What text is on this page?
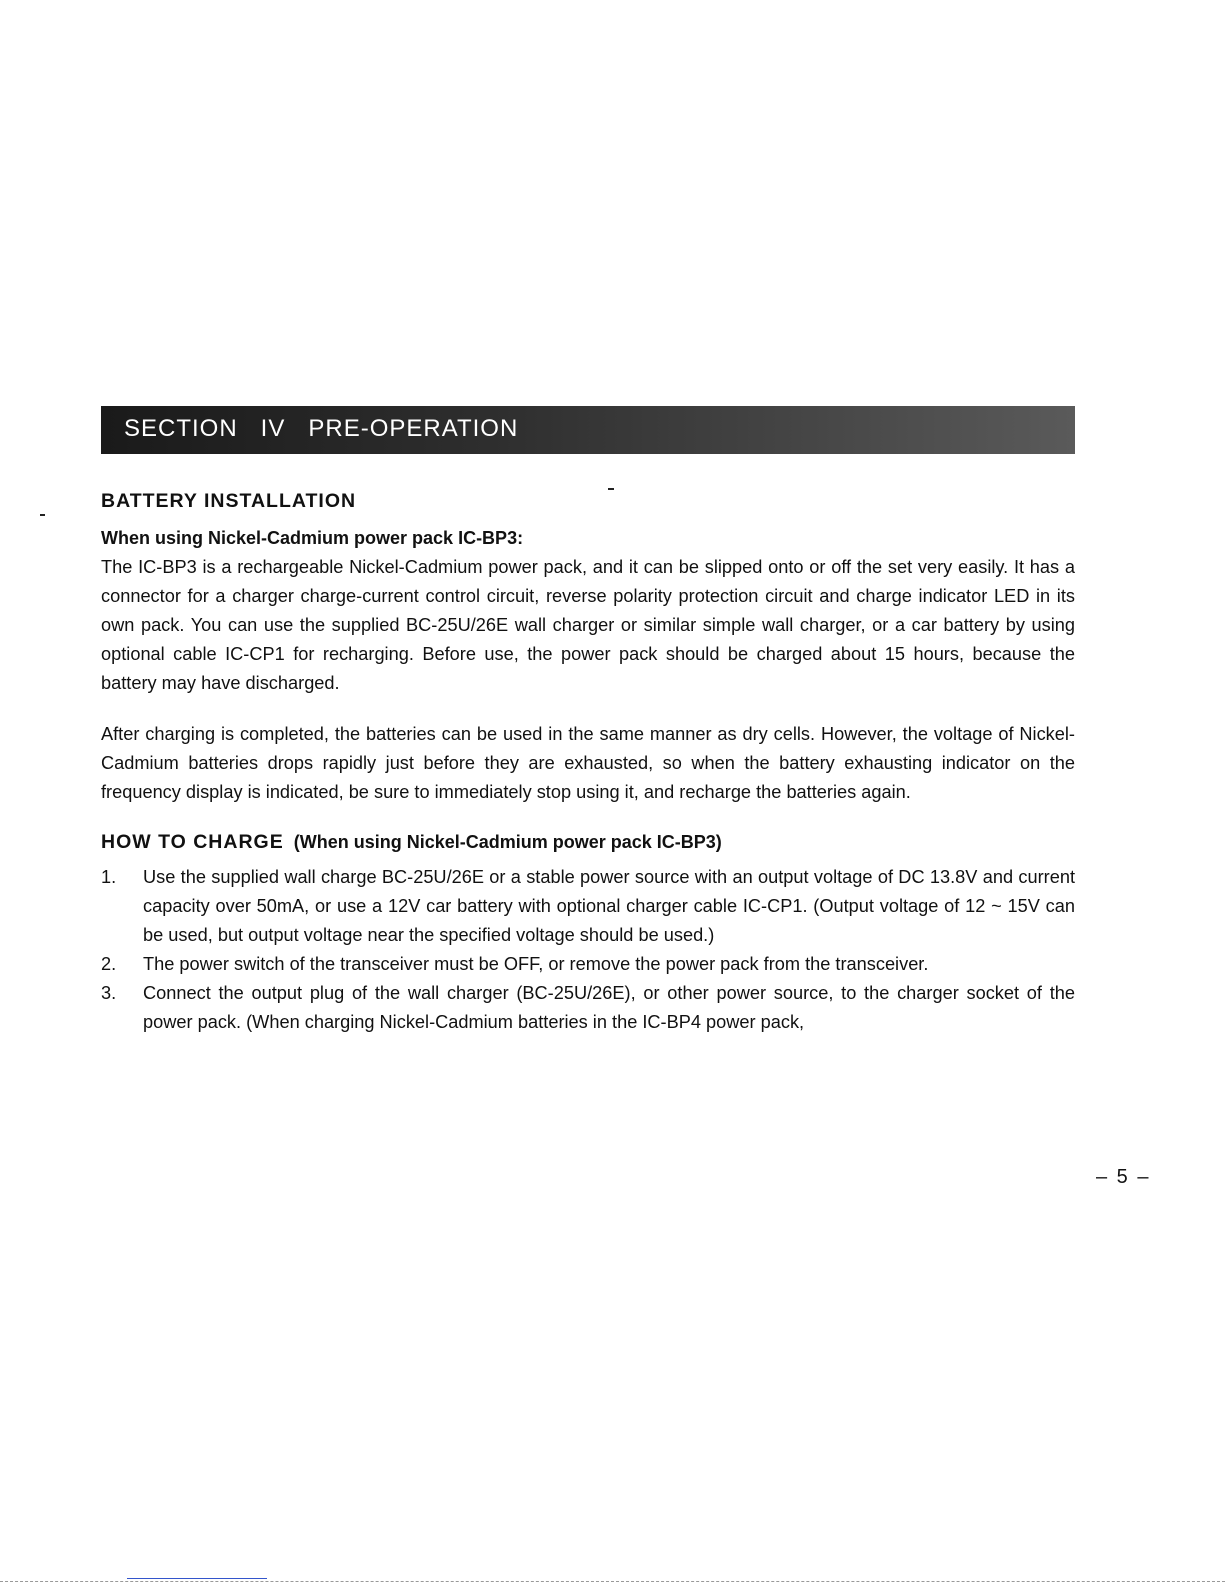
SECTION   IV   PRE-OPERATION
BATTERY INSTALLATION

When using Nickel-Cadmium power pack IC-BP3:

The IC-BP3 is a rechargeable Nickel-Cadmium power pack, and it can be slipped onto or off the set very easily. It has a connector for a charger charge-current control circuit, reverse polarity protection circuit and charge indicator LED in its own pack. You can use the supplied BC-25U/26E wall charger or similar simple wall charger, or a car battery by using optional cable IC-CP1 for recharging. Before use, the power pack should be charged about 15 hours, because the battery may have discharged.

After charging is completed, the batteries can be used in the same manner as dry cells. However, the voltage of Nickel-Cadmium batteries drops rapidly just before they are exhausted, so when the battery exhausting indicator on the frequency display is indicated, be sure to immediately stop using it, and recharge the batteries again.

HOW TO CHARGE (When using Nickel-Cadmium power pack IC-BP3)
1. Use the supplied wall charge BC-25U/26E or a stable power source with an output voltage of DC 13.8V and current capacity over 50mA, or use a 12V car battery with optional charger cable IC-CP1. (Output voltage of 12 ~ 15V can be used, but output voltage near the specified voltage should be used.)
2. The power switch of the transceiver must be OFF, or remove the power pack from the transceiver.
3. Connect the output plug of the wall charger (BC-25U/26E), or other power source, to the charger socket of the power pack. (When charging Nickel-Cadmium batteries in the IC-BP4 power pack,
– 5 –
